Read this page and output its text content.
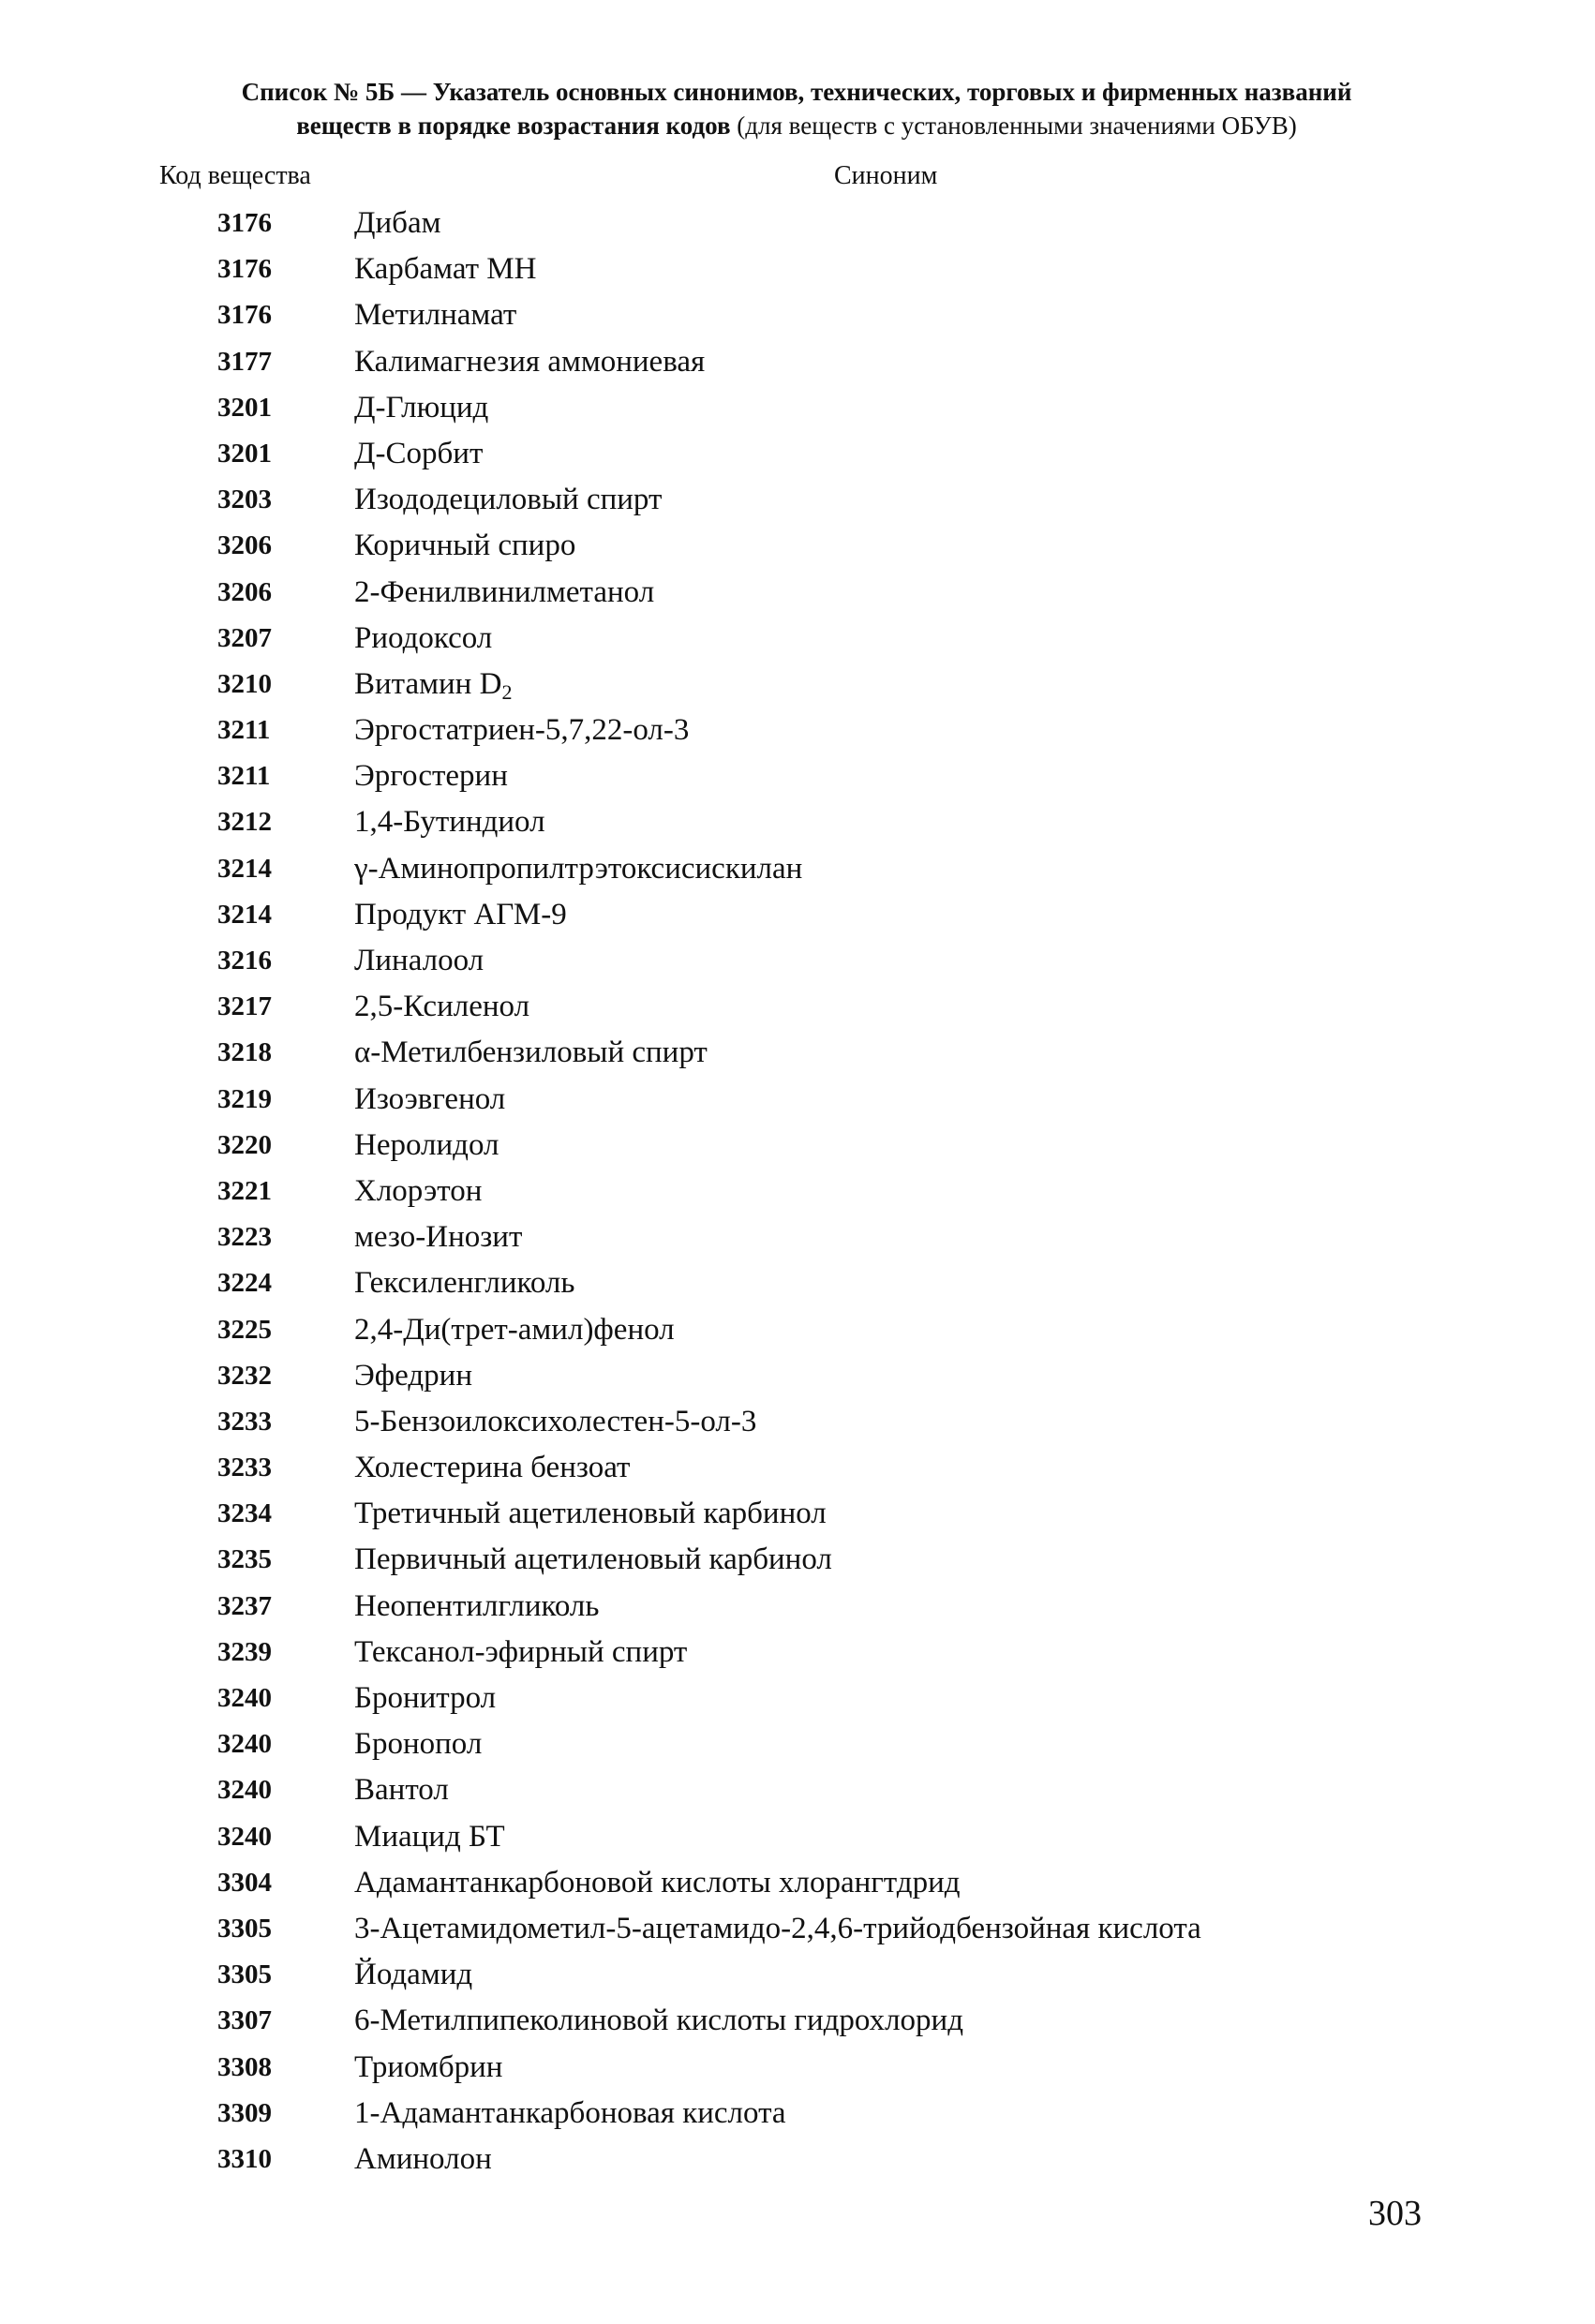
Список № 5Б — Указатель основных синонимов, технических, торговых и фирменных названий
веществ в порядке возрастания кодов (для веществ с установленными значениями ОБУВ)
Код вещества	Синоним
3176	Дибам
3176	Карбамат МН
3176	Метилнамат
3177	Калимагнезия аммониевая
3201	Д-Глюцид
3201	Д-Сорбит
3203	Изододециловый спирт
3206	Коричный спиро
3206	2-Фенилвинилметанол
3207	Риодоксол
3210	Витамин $D_2$
3211	Эргостатриен-5,7,22-ол-3
3211	Эргостерин
3212	1,4-Бутиндиол
3214	γ-Аминопропилтрэтоксисиcкилан
3214	Продукт АГМ-9
3216	Линалоол
3217	2,5-Ксиленол
3218	α-Метилбензиловый спирт
3219	Изоэвгенол
3220	Неролидол
3221	Хлорэтон
3223	мезо-Инозит
3224	Гексиленгликоль
3225	2,4-Ди(трет-амил)фенол
3232	Эфедрин
3233	5-Бензоилоксихолестен-5-ол-3
3233	Холестерина бензоат
3234	Третичный ацетиленовый карбинол
3235	Первичный ацетиленовый карбинол
3237	Неопентилгликоль
3239	Тексанол-эфирный спирт
3240	Бронитрол
3240	Бронопол
3240	Вантол
3240	Миацид БТ
3304	Адамантанкарбоновой кислоты хлорангтдрид
3305	3-Ацетамидометил-5-ацетамидо-2,4,6-трийодбензойная кислота
3305	Йодамид
3307	6-Метилпипеколиновой кислоты гидрохлорид
3308	Триомбрин
3309	1-Адамантанкарбоновая кислота
3310	Аминолон
303
